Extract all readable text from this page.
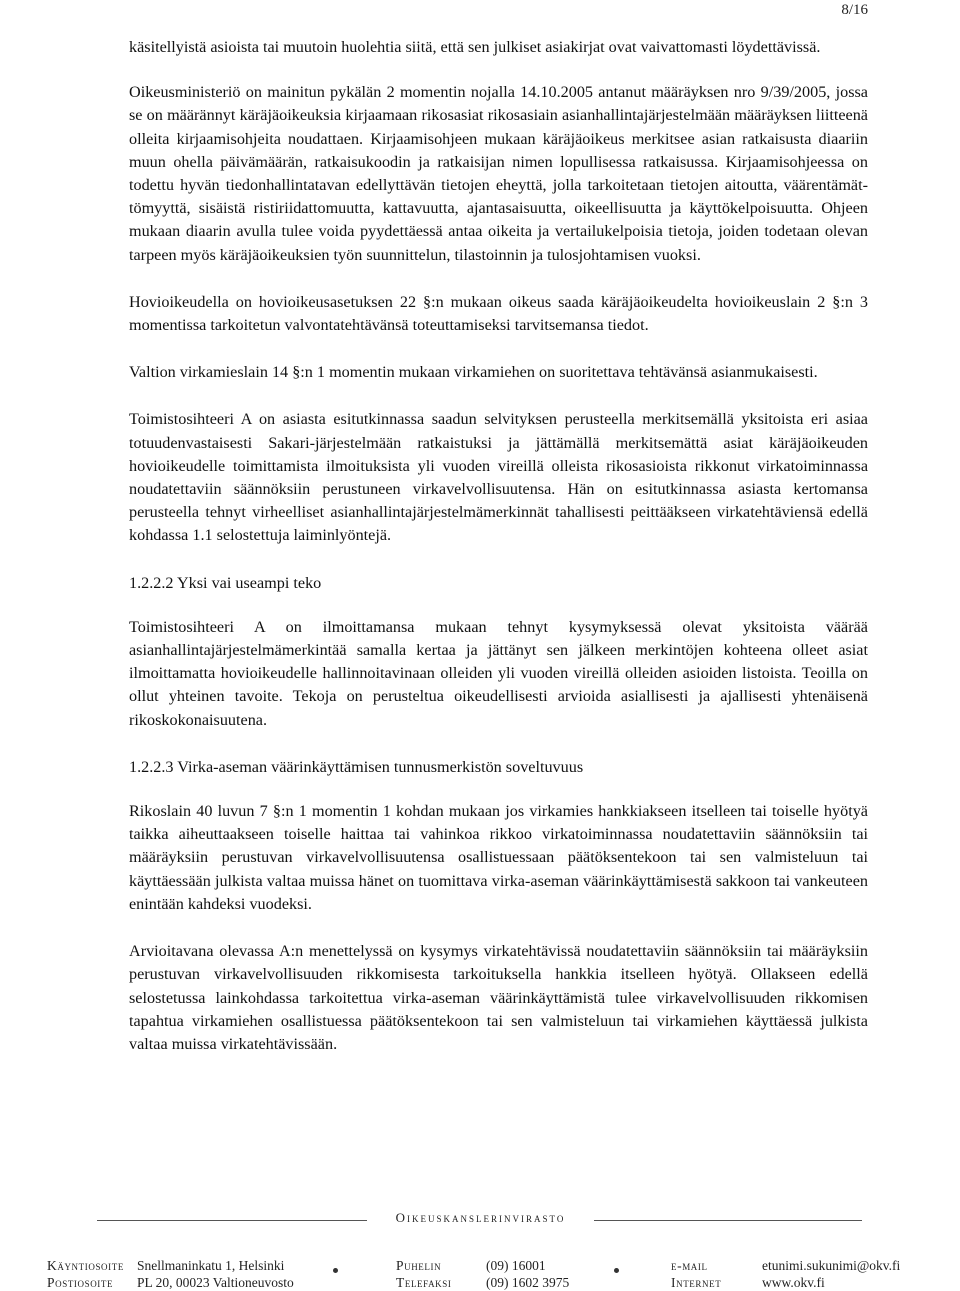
8/16

käsitellyistä asioista tai muutoin huolehtia siitä, että sen julkiset asiakirjat ovat vaivattomasti löydettävissä.

Oikeusministeriö on mainitun pykälän 2 momentin nojalla 14.10.2005 antanut määräyksen nro 9/39/2005, jossa se on määrännyt käräjäoikeuksia kirjaamaan rikosasiat rikosasiain asianhallintajärjestelmään määräyksen liitteenä olleita kirjaamisohjeita noudattaen. Kirjaamisohjeen mukaan käräjäoikeus merkitsee asian ratkaisusta diaariin muun ohella päivämäärän, ratkaisukoodin ja ratkaisijan nimen lopullisessa ratkaisussa. Kirjaamisohjeessa on todettu hyvän tiedonhallintatavan edellyttävän tietojen eheyttä, jolla tarkoitetaan tietojen aitoutta, väärentämättömyyttä, sisäistä ristiriidattomuutta, kattavuutta, ajantasaisuutta, oikeellisuutta ja käyttökelpoisuutta. Ohjeen mukaan diaarin avulla tulee voida pyydettäessä antaa oikeita ja vertailukelpoisia tietoja, joiden todetaan olevan tarpeen myös käräjäoikeuksien työn suunnittelun, tilastoinnin ja tulosjohtamisen vuoksi.

Hovioikeudella on hovioikeusasetuksen 22 §:n mukaan oikeus saada käräjäoikeudelta hovioikeuslain 2 §:n 3 momentissa tarkoitetun valvontatehtävänsä toteuttamiseksi tarvitsemansa tiedot.

Valtion virkamieslain 14 §:n 1 momentin mukaan virkamiehen on suoritettava tehtävänsä asianmukaisesti.

Toimistosihteeri A on asiasta esitutkinnassa saadun selvityksen perusteella merkitsemällä yksitoista eri asiaa totuudenvastaisesti Sakari-järjestelmään ratkaistuksi ja jättämällä merkitsemättä asiat käräjäoikeuden hovioikeudelle toimittamista ilmoituksista yli vuoden vireillä olleista rikosasioista rikkonut virkatoiminnassa noudatettaviin säännöksiin perustuneen virkavelvollisuutensa. Hän on esitutkinnassa asiasta kertomansa perusteella tehnyt virheelliset asianhallintajärjestelmämerkinnät tahallisesti peittääkseen virkatehtäviensä edellä kohdassa 1.1 selostettuja laiminlyöntejä.

1.2.2.2 Yksi vai useampi teko

Toimistosihteeri A on ilmoittamansa mukaan tehnyt kysymyksessä olevat yksitoista väärää asianhallintajärjestelmämerkintää samalla kertaa ja jättänyt sen jälkeen merkintöjen kohteena olleet asiat ilmoittamatta hovioikeudelle hallinnoitavinaan olleiden yli vuoden vireillä olleiden asioiden listoista. Teoilla on ollut yhteinen tavoite. Tekoja on perusteltua oikeudellisesti arvioida asiallisesti ja ajallisesti yhtenäisenä rikoskokonaisuutena.

1.2.2.3 Virka-aseman väärinkäyttämisen tunnusmerkistön soveltuvuus

Rikoslain 40 luvun 7 §:n 1 momentin 1 kohdan mukaan jos virkamies hankkiakseen itselleen tai toiselle hyötyä taikka aiheuttaakseen toiselle haittaa tai vahinkoa rikkoo virkatoiminnassa noudatettaviin säännöksiin tai määräyksiin perustuvan virkavelvollisuutensa osallistuessaan päätöksentekoon tai sen valmisteluun tai käyttäessään julkista valtaa muissa hänet on tuomittava virka-aseman väärinkäyttämisestä sakkoon tai vankeuteen enintään kahdeksi vuodeksi.

Arvioitavana olevassa A:n menettelyssä on kysymys virkatehtävissä noudatettaviin säännöksiin tai määräyksiin perustuvan virkavelvollisuuden rikkomisesta tarkoituksella hankkia itselleen hyötyä. Ollakseen edellä selostetussa lainkohdassa tarkoitettua virka-aseman väärinkäyttämistä tulee virkavelvollisuuden rikkomisen tapahtua virkamiehen osallistuessa päätöksentekoon tai sen valmisteluun tai virkamiehen käyttäessä julkista valtaa muissa virkatehtävissään.

Oikeuskanslerinvirasto
Käyntiosoite Snellmaninkatu 1, Helsinki
Postiosoite PL 20, 00023 Valtioneuvosto
Puhelin	(09) 16001
Telefaksi	(09) 1602 3975
e-mail	etunimi.sukunimi@okv.fi
Internet	www.okv.fi
